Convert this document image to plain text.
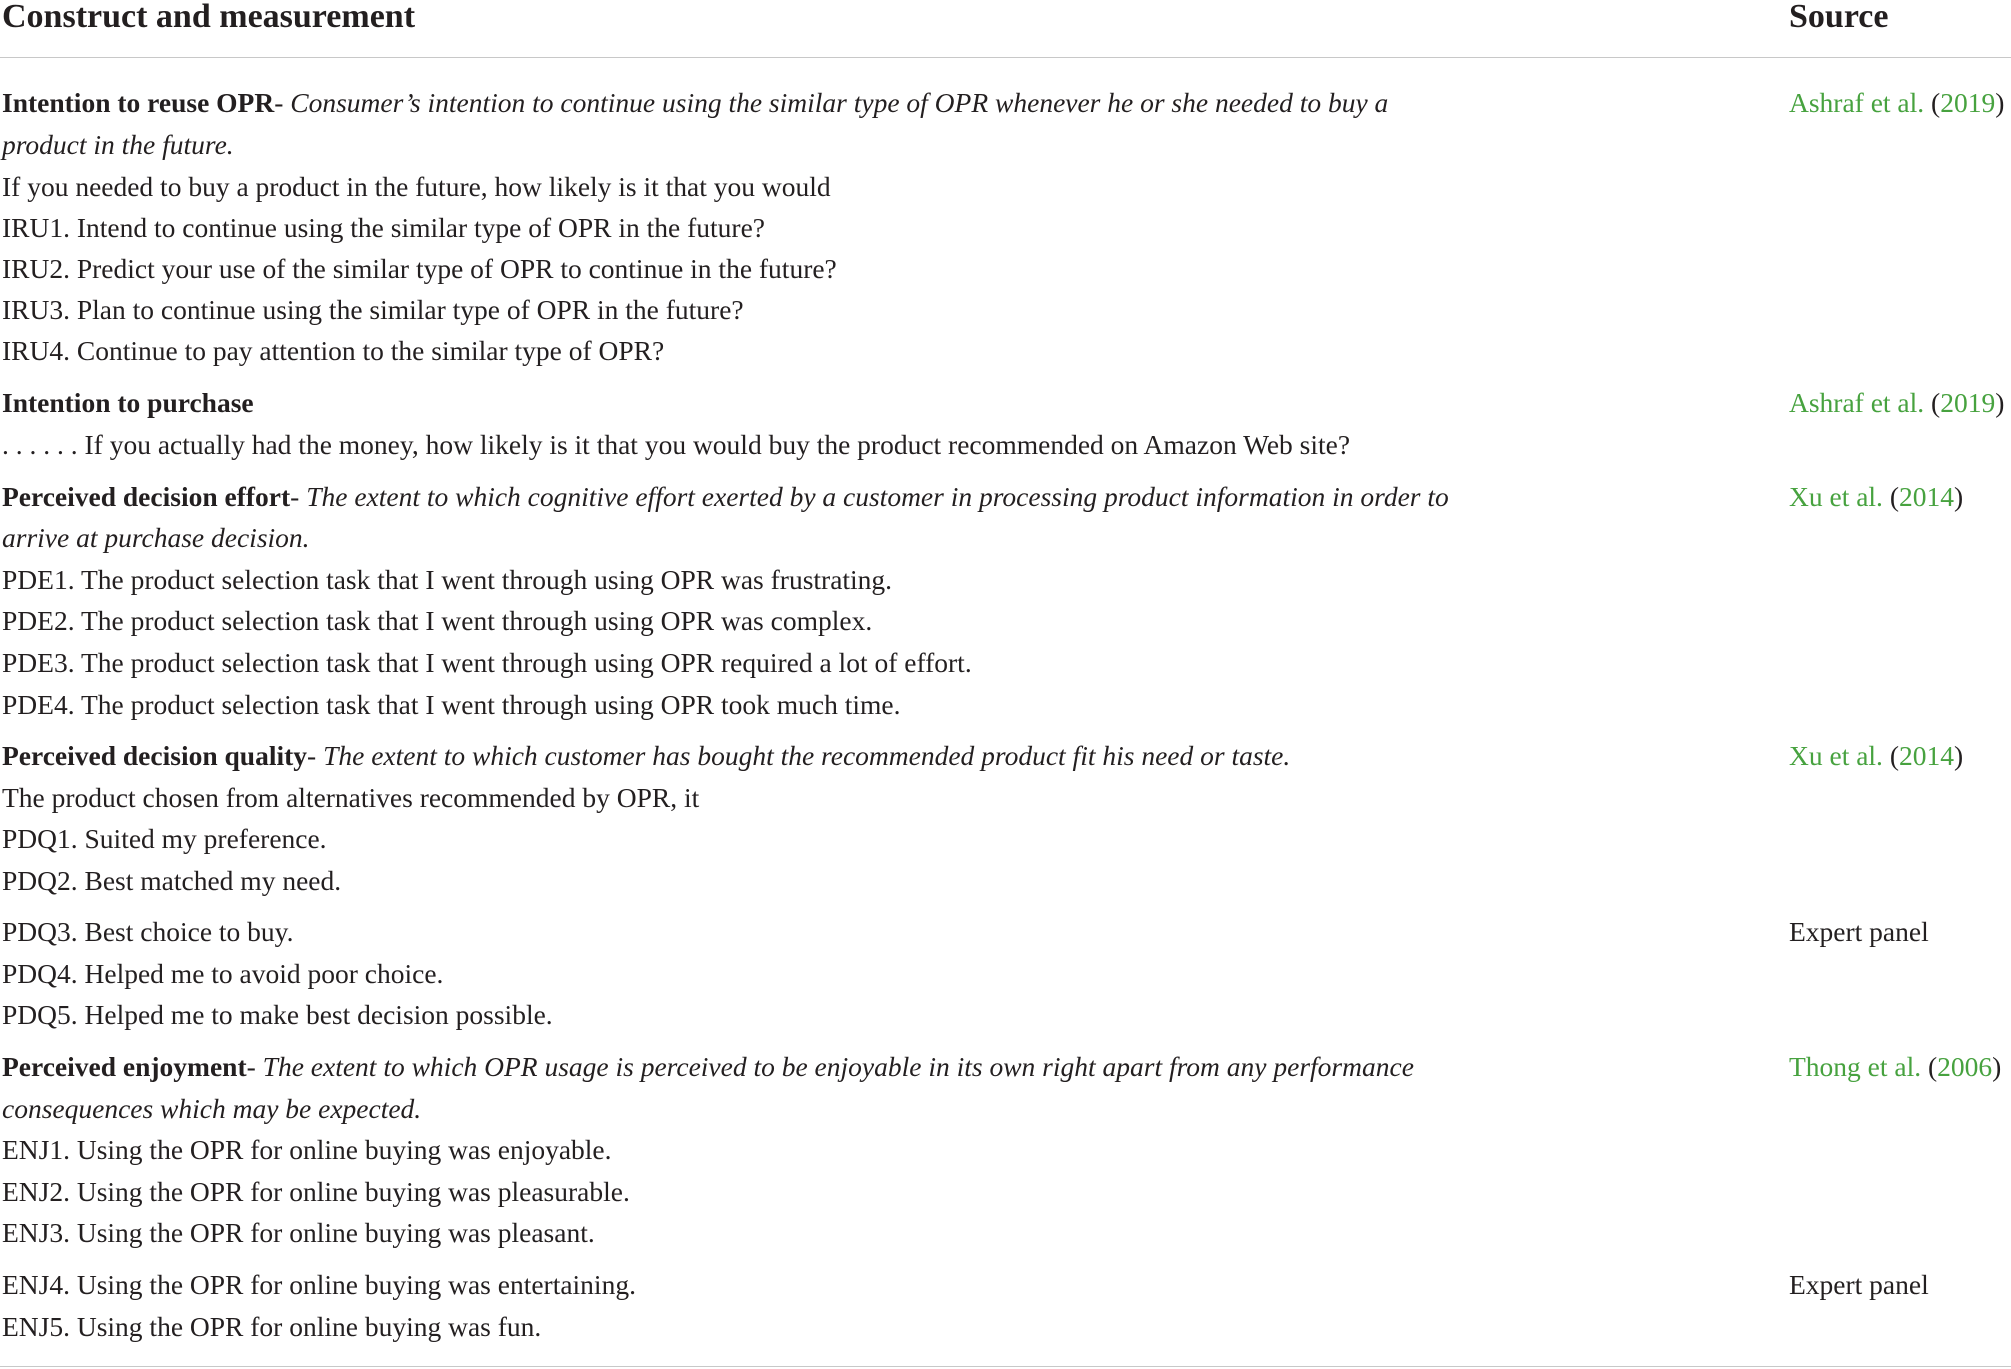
Construct and measurement	Source
Intention to reuse OPR- Consumer’s intention to continue using the similar type of OPR whenever he or she needed to buy a
product in the future.
If you needed to buy a product in the future, how likely is it that you would
IRU1. Intend to continue using the similar type of OPR in the future?
IRU2. Predict your use of the similar type of OPR to continue in the future?
IRU3. Plan to continue using the similar type of OPR in the future?
IRU4. Continue to pay attention to the similar type of OPR?
Ashraf et al. (2019)
Intention to purchase
. . . . . . If you actually had the money, how likely is it that you would buy the product recommended on Amazon Web site?
Ashraf et al. (2019)
Perceived decision effort- The extent to which cognitive effort exerted by a customer in processing product information in order to
arrive at purchase decision.
PDE1. The product selection task that I went through using OPR was frustrating.
PDE2. The product selection task that I went through using OPR was complex.
PDE3. The product selection task that I went through using OPR required a lot of effort.
PDE4. The product selection task that I went through using OPR took much time.
Xu et al. (2014)
Perceived decision quality- The extent to which customer has bought the recommended product fit his need or taste.
The product chosen from alternatives recommended by OPR, it
PDQ1. Suited my preference.
PDQ2. Best matched my need.
Xu et al. (2014)
PDQ3. Best choice to buy.
PDQ4. Helped me to avoid poor choice.
PDQ5. Helped me to make best decision possible.
Expert panel
Perceived enjoyment- The extent to which OPR usage is perceived to be enjoyable in its own right apart from any performance
consequences which may be expected.
ENJ1. Using the OPR for online buying was enjoyable.
ENJ2. Using the OPR for online buying was pleasurable.
ENJ3. Using the OPR for online buying was pleasant.
Thong et al. (2006)
ENJ4. Using the OPR for online buying was entertaining.
ENJ5. Using the OPR for online buying was fun.
Expert panel
